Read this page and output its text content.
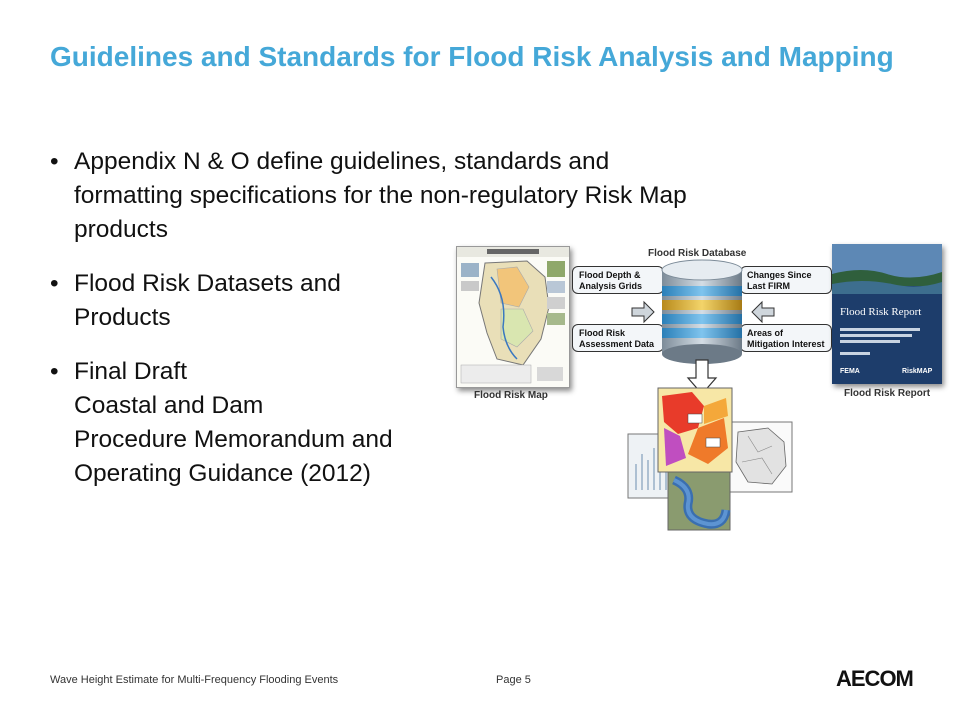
Guidelines and Standards for Flood Risk Analysis and Mapping
• Appendix N & O define guidelines, standards and
formatting specifications for the non-regulatory Risk Map
products
• Flood Risk Datasets and
Products
• Final Draft
Coastal and Dam
Procedure Memorandum and
Operating Guidance (2012)
Flood Risk Map
Flood Risk Database
Flood Depth & Analysis Grids
Changes Since Last FIRM
Flood Risk Assessment Data
Areas of Mitigation Interest
Flood Risk Report
FEMA	RiskMAP
Flood Risk Report
Wave Height Estimate for Multi-Frequency Flooding Events	Page 5	AECOM
